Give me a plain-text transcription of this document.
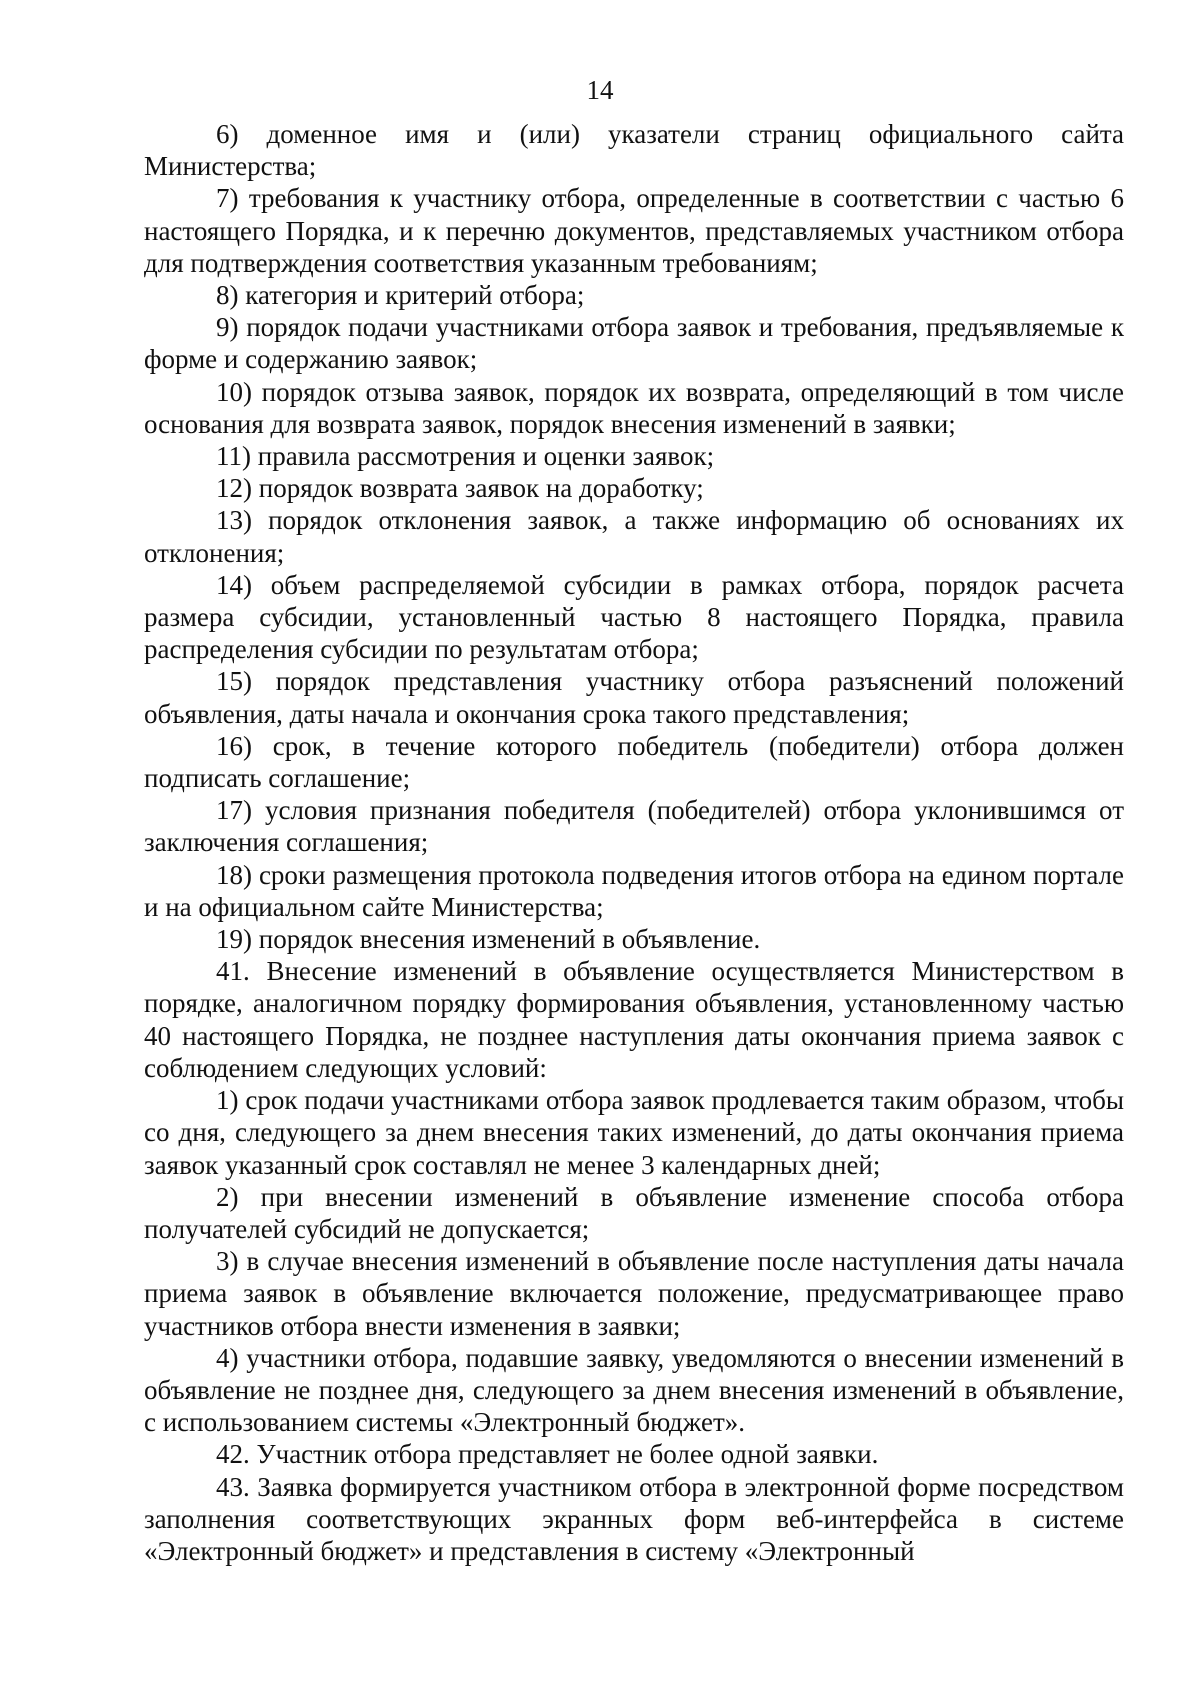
14

6) доменное имя и (или) указатели страниц официального сайта Министерства;

7) требования к участнику отбора, определенные в соответствии с частью 6 настоящего Порядка, и к перечню документов, представляемых участником отбора для подтверждения соответствия указанным требованиям;

8) категория и критерий отбора;

9) порядок подачи участниками отбора заявок и требования, предъявляемые к форме и содержанию заявок;

10) порядок отзыва заявок, порядок их возврата, определяющий в том числе основания для возврата заявок, порядок внесения изменений в заявки;

11) правила рассмотрения и оценки заявок;

12) порядок возврата заявок на доработку;

13) порядок отклонения заявок, а также информацию об основаниях их отклонения;

14) объем распределяемой субсидии в рамках отбора, порядок расчета размера субсидии, установленный частью 8 настоящего Порядка, правила распределения субсидии по результатам отбора;

15) порядок представления участнику отбора разъяснений положений объявления, даты начала и окончания срока такого представления;

16) срок, в течение которого победитель (победители) отбора должен подписать соглашение;

17) условия признания победителя (победителей) отбора уклонившимся от заключения соглашения;

18) сроки размещения протокола подведения итогов отбора на едином портале и на официальном сайте Министерства;

19) порядок внесения изменений в объявление.

41. Внесение изменений в объявление осуществляется Министерством в порядке, аналогичном порядку формирования объявления, установленному частью 40 настоящего Порядка, не позднее наступления даты окончания приема заявок с соблюдением следующих условий:

1) срок подачи участниками отбора заявок продлевается таким образом, чтобы со дня, следующего за днем внесения таких изменений, до даты окончания приема заявок указанный срок составлял не менее 3 календарных дней;

2) при внесении изменений в объявление изменение способа отбора получателей субсидий не допускается;

3) в случае внесения изменений в объявление после наступления даты начала приема заявок в объявление включается положение, предусматривающее право участников отбора внести изменения в заявки;

4) участники отбора, подавшие заявку, уведомляются о внесении изменений в объявление не позднее дня, следующего за днем внесения изменений в объявление, с использованием системы «Электронный бюджет».

42. Участник отбора представляет не более одной заявки.

43. Заявка формируется участником отбора в электронной форме посредством заполнения соответствующих экранных форм веб-интерфейса в системе «Электронный бюджет» и представления в систему «Электронный
